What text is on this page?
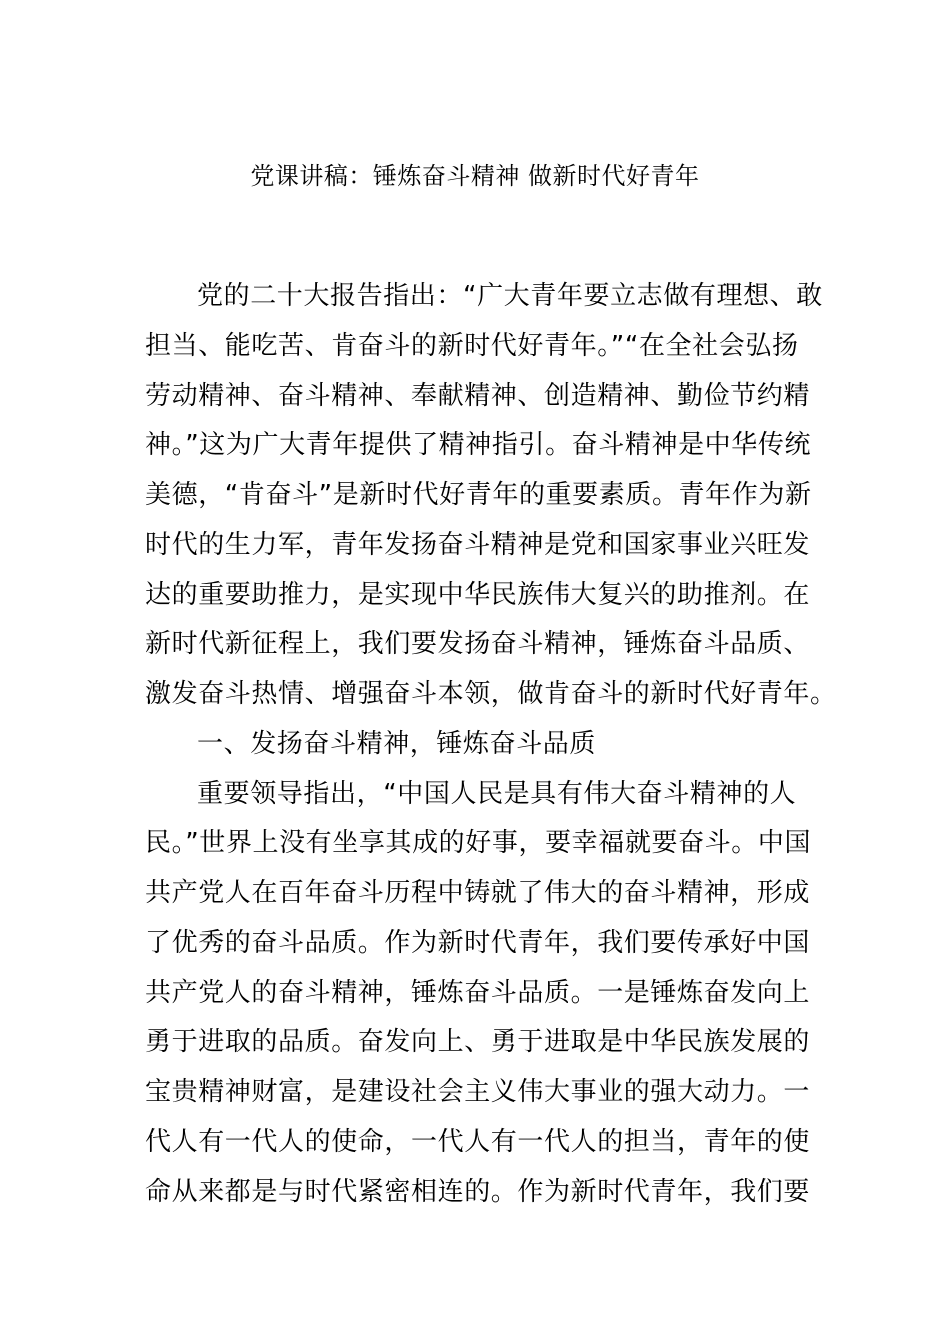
党课讲稿：锤炼奋斗精神 做新时代好青年
党的二十大报告指出：“广大青年要立志做有理想、敢
担当、能吃苦、肯奋斗的新时代好青年。”“在全社会弘扬
劳动精神、奋斗精神、奉献精神、创造精神、勤俭节约精
神。”这为广大青年提供了精神指引。奋斗精神是中华传统
美德，“肯奋斗”是新时代好青年的重要素质。青年作为新
时代的生力军，青年发扬奋斗精神是党和国家事业兴旺发
达的重要助推力，是实现中华民族伟大复兴的助推剂。在
新时代新征程上，我们要发扬奋斗精神，锤炼奋斗品质、
激发奋斗热情、增强奋斗本领，做肯奋斗的新时代好青年。
一、发扬奋斗精神，锤炼奋斗品质
重要领导指出，“中国人民是具有伟大奋斗精神的人
民。”世界上没有坐享其成的好事，要幸福就要奋斗。中国
共产党人在百年奋斗历程中铸就了伟大的奋斗精神，形成
了优秀的奋斗品质。作为新时代青年，我们要传承好中国
共产党人的奋斗精神，锤炼奋斗品质。一是锤炼奋发向上
勇于进取的品质。奋发向上、勇于进取是中华民族发展的
宝贵精神财富，是建设社会主义伟大事业的强大动力。一
代人有一代人的使命，一代人有一代人的担当，青年的使
命从来都是与时代紧密相连的。作为新时代青年，我们要
